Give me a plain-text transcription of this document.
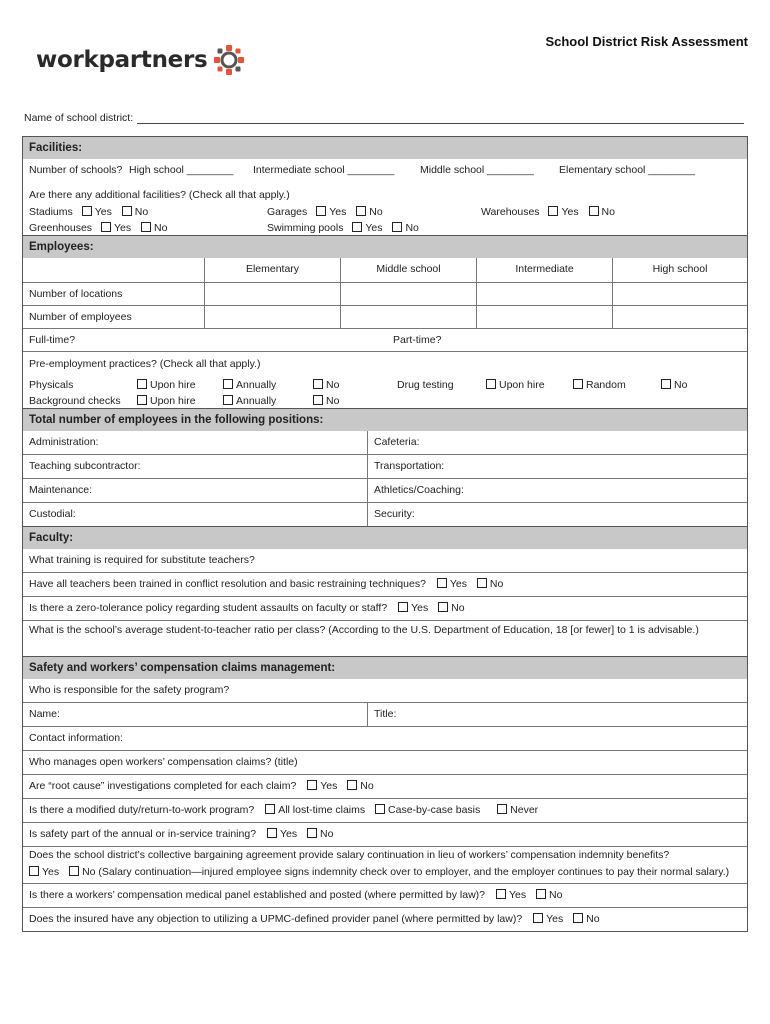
workpartners
School District Risk Assessment
Name of school district:
Facilities:
Number of schools? High school ________ Intermediate school ________ Middle school ________ Elementary school ________
Are there any additional facilities? (Check all that apply.)
Stadiums Yes No	Garages Yes No	Warehouses Yes No
Greenhouses Yes No	Swimming pools Yes No
Employees:
Elementary	Middle school	Intermediate	High school
Number of locations
Number of employees
Full-time?	Part-time?
Pre-employment practices? (Check all that apply.)
Physicals	Upon hire	Annually	No	Drug testing	Upon hire	Random	No
Background checks	Upon hire	Annually	No
Total number of employees in the following positions:
Administration:	Cafeteria:
Teaching subcontractor:	Transportation:
Maintenance:	Athletics/Coaching:
Custodial:	Security:
Faculty:
What training is required for substitute teachers?
Have all teachers been trained in conflict resolution and basic restraining techniques? Yes No
Is there a zero-tolerance policy regarding student assaults on faculty or staff? Yes No
What is the school’s average student-to-teacher ratio per class? (According to the U.S. Department of Education, 18 [or fewer] to 1 is advisable.)
Safety and workers’ compensation claims management:
Who is responsible for the safety program?
Name:	Title:
Contact information:
Who manages open workers’ compensation claims? (title)
Are “root cause” investigations completed for each claim? Yes No
Is there a modified duty/return-to-work program? All lost-time claims Case-by-case basis	Never
Is safety part of the annual or in-service training? Yes No
Does the school district’s collective bargaining agreement provide salary continuation in lieu of workers’ compensation indemnity benefits?
Yes No (Salary continuation—injured employee signs indemnity check over to employer, and the employer continues to pay their normal salary.)
Is there a workers’ compensation medical panel established and posted (where permitted by law)? Yes No
Does the insured have any objection to utilizing a UPMC-defined provider panel (where permitted by law)? Yes No
